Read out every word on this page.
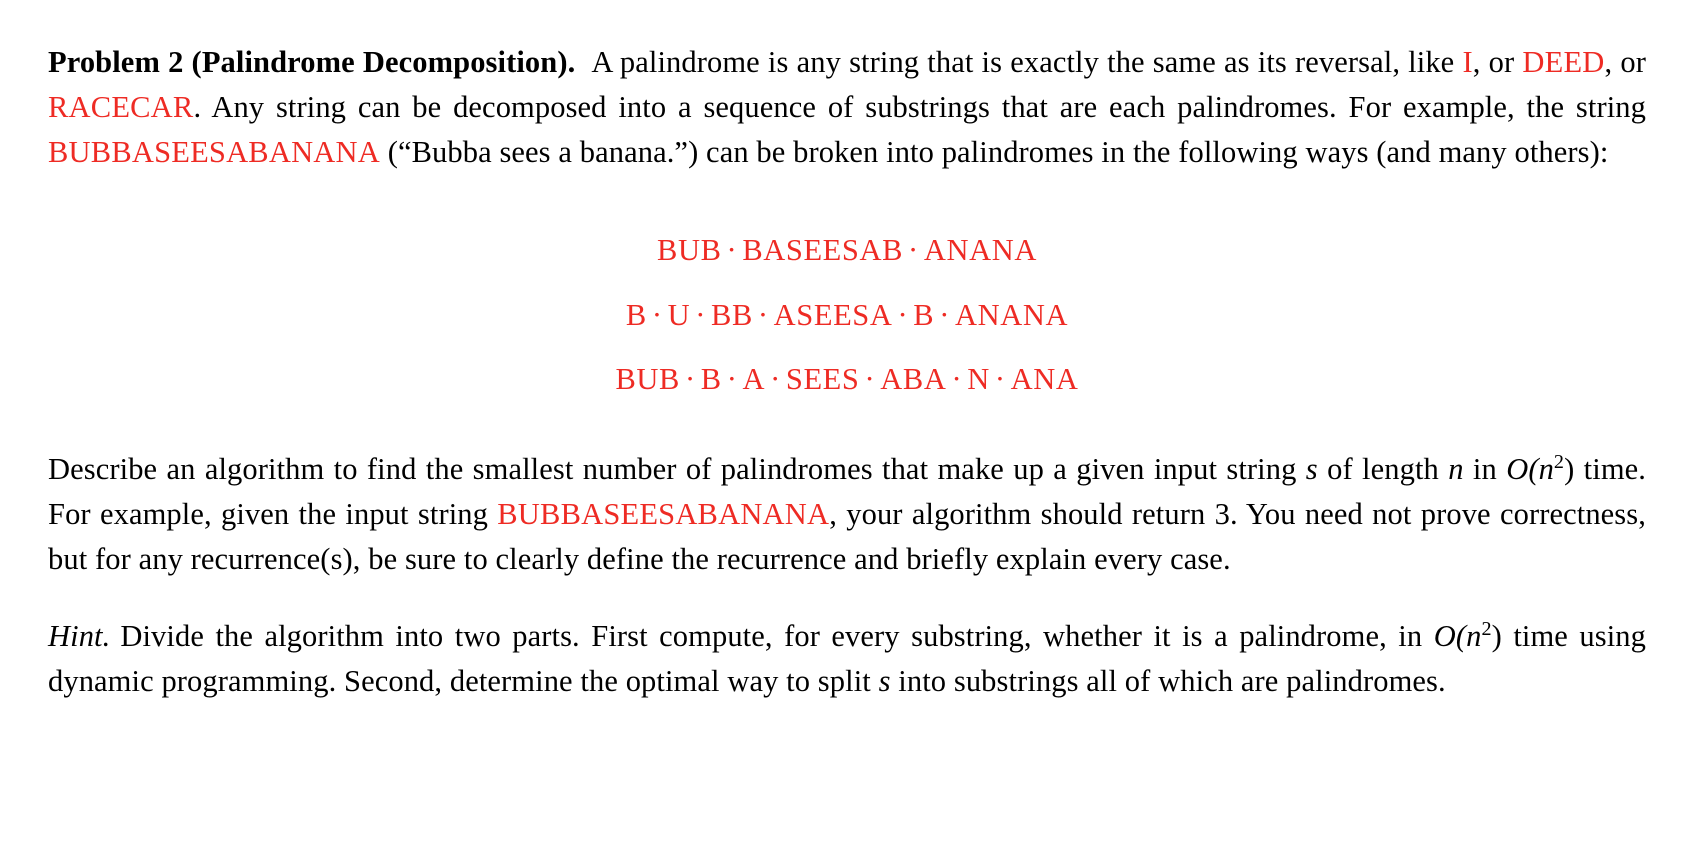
Problem 2 (Palindrome Decomposition). A palindrome is any string that is exactly the same as its reversal, like I, or DEED, or RACECAR. Any string can be decomposed into a sequence of substrings that are each palindromes. For example, the string BUBBASEESABANANA (“Bubba sees a banana.”) can be broken into palindromes in the following ways (and many others):

BUB · BASEESAB · ANANA
B · U · BB · ASEESA · B · ANANA
BUB · B · A · SEES · ABA · N · ANA

Describe an algorithm to find the smallest number of palindromes that make up a given input string s of length n in $O(n^2)$ time. For example, given the input string BUBBASEESABANANA, your algorithm should return 3. You need not prove correctness, but for any recurrence(s), be sure to clearly define the recurrence and briefly explain every case.

Hint. Divide the algorithm into two parts. First compute, for every substring, whether it is a palindrome, in $O(n^2)$ time using dynamic programming. Second, determine the optimal way to split s into substrings all of which are palindromes.
